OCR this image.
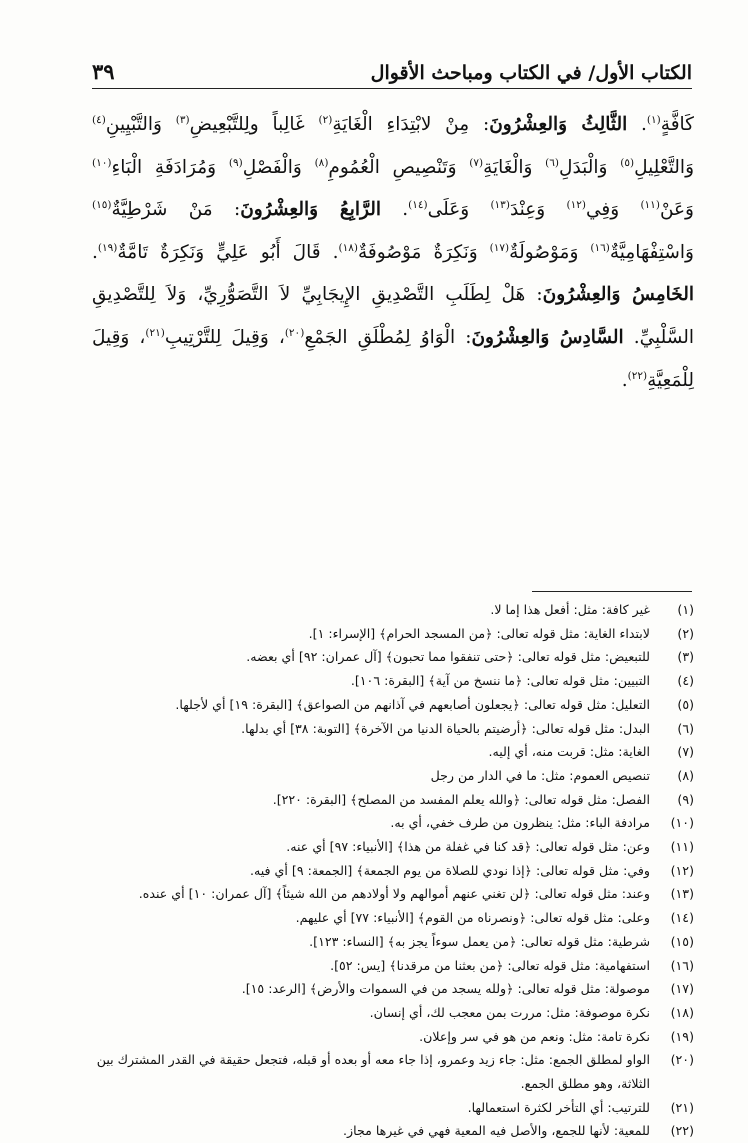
الكتاب الأول/ في الكتاب ومباحث الأقوال
٣٩
كَافَّةٍ$^{(١)}$. الثَّالِثُ وَالعِشْرُونَ: مِنْ لابْتِدَاءِ الْغَايَةِ$^{(٢)}$ غَالِباً ولِلتَّبْعِيضِ$^{(٣)}$ وَالتَّبْيِينِ$^{(٤)}$ وَالتَّعْلِيلِ$^{(٥)}$ وَالْبَدَلِ$^{(٦)}$ وَالْغَايَةِ$^{(٧)}$ وَتَنْصِيصِ الْعُمُومِ$^{(٨)}$ وَالْفَصْلِ$^{(٩)}$ وَمُرَادَفَةِ الْبَاءِ$^{(١٠)}$ وَعَنْ$^{(١١)}$ وَفِي$^{(١٢)}$ وَعِنْدَ$^{(١٣)}$ وَعَلَى$^{(١٤)}$. الرَّابِعُ وَالعِشْرُونَ: مَنْ شَرْطِيَّةٌ$^{(١٥)}$ وَاسْتِفْهَامِيَّةٌ$^{(١٦)}$ وَمَوْصُولَةٌ$^{(١٧)}$ وَنَكِرَةٌ مَوْصُوفَةٌ$^{(١٨)}$. قَالَ أَبُو عَلِيٍّ وَنَكِرَةٌ تَامَّةٌ$^{(١٩)}$. الخَامِسُ وَالعِشْرُونَ: هَلْ لِطَلَبِ التَّصْدِيقِ الإِيجَابِيِّ لاَ التَّصَوُّرِيِّ، وَلاَ لِلتَّصْدِيقِ السَّلْبِيِّ. السَّادِسُ وَالعِشْرُونَ: الْوَاوُ لِمُطْلَقِ الجَمْعِ$^{(٢٠)}$، وَقِيلَ لِلتَّرْتِيبِ$^{(٢١)}$، وَقِيلَ لِلْمَعِيَّةِ$^{(٢٢)}$.
(١)
غير كافة: مثل: أفعل هذا إما لا.
(٢)
لابتداء الغاية: مثل قوله تعالى: ﴿من المسجد الحرام﴾ [الإسراء: ١].
(٣)
للتبعيض: مثل قوله تعالى: ﴿حتى تنفقوا مما تحبون﴾ [آل عمران: ٩٢] أي بعضه.
(٤)
التبيين: مثل قوله تعالى: ﴿ما ننسخ من آية﴾ [البقرة: ١٠٦].
(٥)
التعليل: مثل قوله تعالى: ﴿يجعلون أصابعهم في آذانهم من الصواعق﴾ [البقرة: ١٩] أي لأجلها.
(٦)
البدل: مثل قوله تعالى: ﴿أرضيتم بالحياة الدنيا من الآخرة﴾ [التوبة: ٣٨] أي بدلها.
(٧)
الغاية: مثل: قربت منه، أي إليه.
(٨)
تنصيص العموم: مثل: ما في الدار من رجل
(٩)
الفصل: مثل قوله تعالى: ﴿والله يعلم المفسد من المصلح﴾ [البقرة: ٢٢٠].
(١٠)
مرادفة الباء: مثل: ينظرون من طرف خفي، أي به.
(١١)
وعن: مثل قوله تعالى: ﴿قد كنا في غفلة من هذا﴾ [الأنبياء: ٩٧] أي عنه.
(١٢)
وفي: مثل قوله تعالى: ﴿إذا نودي للصلاة من يوم الجمعة﴾ [الجمعة: ٩] أي فيه.
(١٣)
وعند: مثل قوله تعالى: ﴿لن تغني عنهم أموالهم ولا أولادهم من الله شيئاً﴾ [آل عمران: ١٠] أي عنده.
(١٤)
وعلى: مثل قوله تعالى: ﴿ونصرناه من القوم﴾ [الأنبياء: ٧٧] أي عليهم.
(١٥)
شرطية: مثل قوله تعالى: ﴿من يعمل سوءاً يجز به﴾ [النساء: ١٢٣].
(١٦)
استفهامية: مثل قوله تعالى: ﴿من بعثنا من مرقدنا﴾ [يس: ٥٢].
(١٧)
موصولة: مثل قوله تعالى: ﴿ولله يسجد من في السموات والأرض﴾ [الرعد: ١٥].
(١٨)
نكرة موصوفة: مثل: مررت بمن معجب لك، أي إنسان.
(١٩)
نكرة تامة: مثل: ونعم من هو في سر وإعلان.
(٢٠)
الواو لمطلق الجمع: مثل: جاء زيد وعمرو، إذا جاء معه أو بعده أو قبله، فتجعل حقيقة في القدر المشترك بين الثلاثة، وهو مطلق الجمع.
(٢١)
للترتيب: أي التأخر لكثرة استعمالها.
(٢٢)
للمعية: لأنها للجمع، والأصل فيه المعية فهي في غيرها مجاز.
